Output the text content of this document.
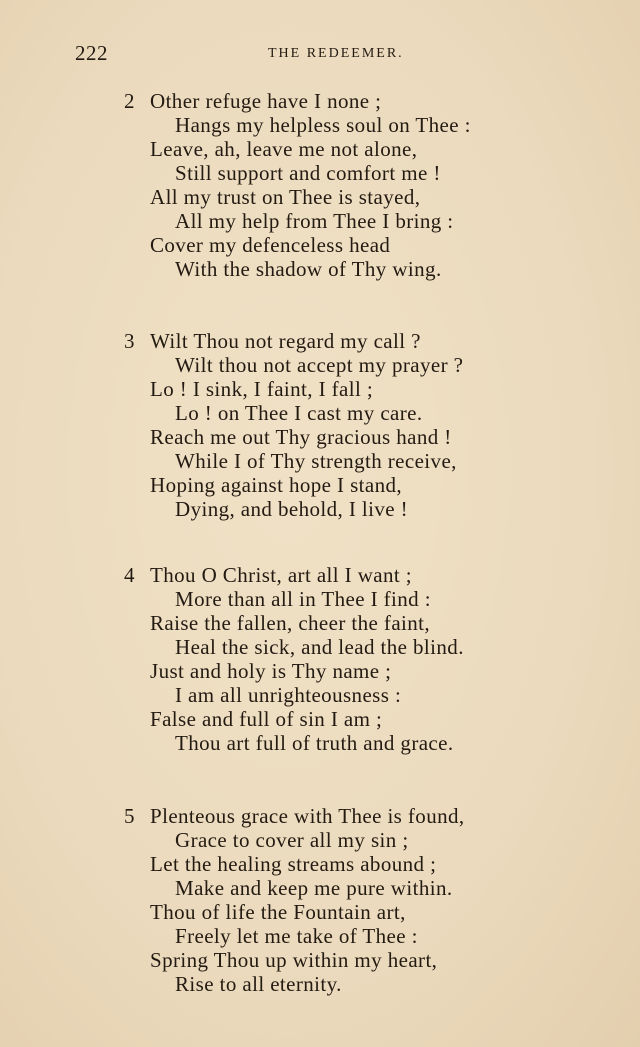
222	THE REDEEMER.
2 Other refuge have I none ;
Hangs my helpless soul on Thee :
Leave, ah, leave me not alone,
Still support and comfort me !
All my trust on Thee is stayed,
All my help from Thee I bring :
Cover my defenceless head
With the shadow of Thy wing.
3 Wilt Thou not regard my call ?
Wilt thou not accept my prayer ?
Lo ! I sink, I faint, I fall ;
Lo ! on Thee I cast my care.
Reach me out Thy gracious hand !
While I of Thy strength receive,
Hoping against hope I stand,
Dying, and behold, I live !
4 Thou O Christ, art all I want ;
More than all in Thee I find :
Raise the fallen, cheer the faint,
Heal the sick, and lead the blind.
Just and holy is Thy name ;
I am all unrighteousness :
False and full of sin I am ;
Thou art full of truth and grace.
5 Plenteous grace with Thee is found,
Grace to cover all my sin ;
Let the healing streams abound ;
Make and keep me pure within.
Thou of life the Fountain art,
Freely let me take of Thee :
Spring Thou up within my heart,
Rise to all eternity.
